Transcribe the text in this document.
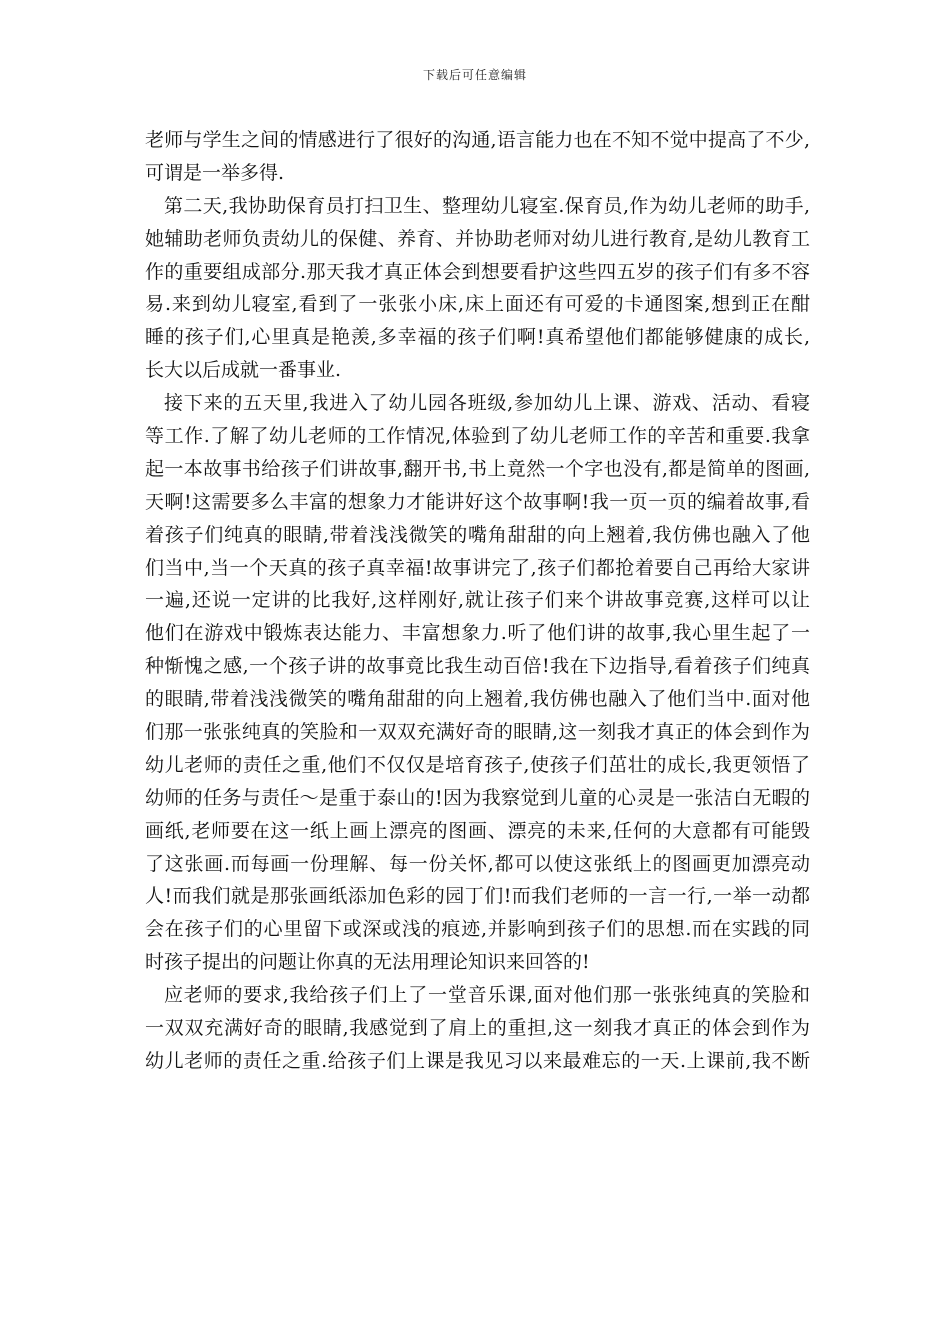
下载后可任意编辑
老师与学生之间的情感进行了很好的沟通,语言能力也在不知不觉中提高了不少,
可谓是一举多得.
第二天,我协助保育员打扫卫生、整理幼儿寝室.保育员,作为幼儿老师的助手,
她辅助老师负责幼儿的保健、养育、并协助老师对幼儿进行教育,是幼儿教育工
作的重要组成部分.那天我才真正体会到想要看护这些四五岁的孩子们有多不容
易.来到幼儿寝室,看到了一张张小床,床上面还有可爱的卡通图案,想到正在酣
睡的孩子们,心里真是艳羡,多幸福的孩子们啊!真希望他们都能够健康的成长,
长大以后成就一番事业.
接下来的五天里,我进入了幼儿园各班级,参加幼儿上课、游戏、活动、看寝
等工作.了解了幼儿老师的工作情况,体验到了幼儿老师工作的辛苦和重要.我拿
起一本故事书给孩子们讲故事,翻开书,书上竟然一个字也没有,都是简单的图画,
天啊!这需要多么丰富的想象力才能讲好这个故事啊!我一页一页的编着故事,看
着孩子们纯真的眼睛,带着浅浅微笑的嘴角甜甜的向上翘着,我仿佛也融入了他
们当中,当一个天真的孩子真幸福!故事讲完了,孩子们都抢着要自己再给大家讲
一遍,还说一定讲的比我好,这样刚好,就让孩子们来个讲故事竞赛,这样可以让
他们在游戏中锻炼表达能力、丰富想象力.听了他们讲的故事,我心里生起了一
种惭愧之感,一个孩子讲的故事竟比我生动百倍!我在下边指导,看着孩子们纯真
的眼睛,带着浅浅微笑的嘴角甜甜的向上翘着,我仿佛也融入了他们当中.面对他
们那一张张纯真的笑脸和一双双充满好奇的眼睛,这一刻我才真正的体会到作为
幼儿老师的责任之重,他们不仅仅是培育孩子,使孩子们茁壮的成长,我更领悟了
幼师的任务与责任～是重于泰山的!因为我察觉到儿童的心灵是一张洁白无暇的
画纸,老师要在这一纸上画上漂亮的图画、漂亮的未来,任何的大意都有可能毁
了这张画.而每画一份理解、每一份关怀,都可以使这张纸上的图画更加漂亮动
人!而我们就是那张画纸添加色彩的园丁们!而我们老师的一言一行,一举一动都
会在孩子们的心里留下或深或浅的痕迹,并影响到孩子们的思想.而在实践的同
时孩子提出的问题让你真的无法用理论知识来回答的!
应老师的要求,我给孩子们上了一堂音乐课,面对他们那一张张纯真的笑脸和
一双双充满好奇的眼睛,我感觉到了肩上的重担,这一刻我才真正的体会到作为
幼儿老师的责任之重.给孩子们上课是我见习以来最难忘的一天.上课前,我不断
